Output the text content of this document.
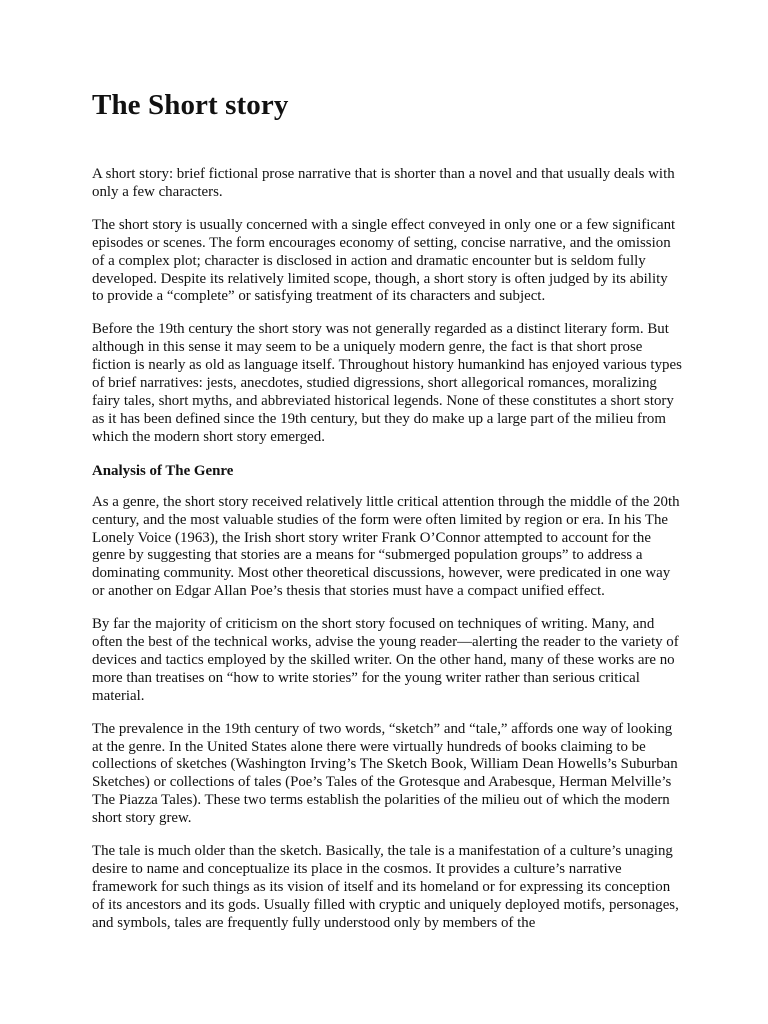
The Short story

A short story: brief fictional prose narrative that is shorter than a novel and that usually deals with only a few characters.

The short story is usually concerned with a single effect conveyed in only one or a few significant episodes or scenes. The form encourages economy of setting, concise narrative, and the omission of a complex plot; character is disclosed in action and dramatic encounter but is seldom fully developed. Despite its relatively limited scope, though, a short story is often judged by its ability to provide a “complete” or satisfying treatment of its characters and subject.

Before the 19th century the short story was not generally regarded as a distinct literary form. But although in this sense it may seem to be a uniquely modern genre, the fact is that short prose fiction is nearly as old as language itself. Throughout history humankind has enjoyed various types of brief narratives: jests, anecdotes, studied digressions, short allegorical romances, moralizing fairy tales, short myths, and abbreviated historical legends. None of these constitutes a short story as it has been defined since the 19th century, but they do make up a large part of the milieu from which the modern short story emerged.

Analysis of The Genre

As a genre, the short story received relatively little critical attention through the middle of the 20th century, and the most valuable studies of the form were often limited by region or era. In his The Lonely Voice (1963), the Irish short story writer Frank O’Connor attempted to account for the genre by suggesting that stories are a means for “submerged population groups” to address a dominating community. Most other theoretical discussions, however, were predicated in one way or another on Edgar Allan Poe’s thesis that stories must have a compact unified effect.

By far the majority of criticism on the short story focused on techniques of writing. Many, and often the best of the technical works, advise the young reader—alerting the reader to the variety of devices and tactics employed by the skilled writer. On the other hand, many of these works are no more than treatises on “how to write stories” for the young writer rather than serious critical material.

The prevalence in the 19th century of two words, “sketch” and “tale,” affords one way of looking at the genre. In the United States alone there were virtually hundreds of books claiming to be collections of sketches (Washington Irving’s The Sketch Book, William Dean Howells’s Suburban Sketches) or collections of tales (Poe’s Tales of the Grotesque and Arabesque, Herman Melville’s The Piazza Tales). These two terms establish the polarities of the milieu out of which the modern short story grew.

The tale is much older than the sketch. Basically, the tale is a manifestation of a culture’s unaging desire to name and conceptualize its place in the cosmos. It provides a culture’s narrative framework for such things as its vision of itself and its homeland or for expressing its conception of its ancestors and its gods. Usually filled with cryptic and uniquely deployed motifs, personages, and symbols, tales are frequently fully understood only by members of the
